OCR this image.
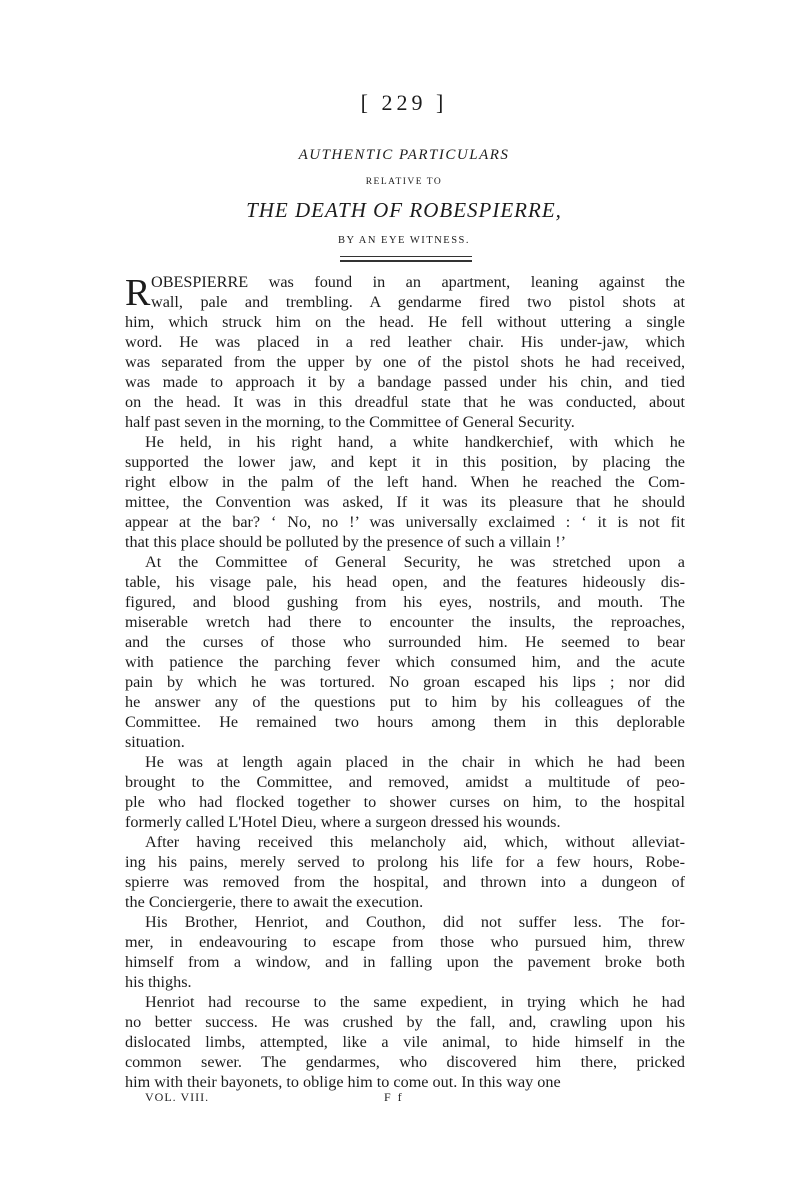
[ 229 ]
AUTHENTIC PARTICULARS
RELATIVE TO
THE DEATH OF ROBESPIERRE,
BY AN EYE WITNESS.
R OBESPIERRE was found in an apartment, leaning against the
wall, pale and trembling. A gendarme fired two pistol shots at
him, which struck him on the head. He fell without uttering a single
word. He was placed in a red leather chair. His under-jaw, which
was separated from the upper by one of the pistol shots he had received,
was made to approach it by a bandage passed under his chin, and tied
on the head. It was in this dreadful state that he was conducted, about
half past seven in the morning, to the Committee of General Security.
He held, in his right hand, a white handkerchief, with which he
supported the lower jaw, and kept it in this position, by placing the
right elbow in the palm of the left hand. When he reached the Com-
mittee, the Convention was asked, If it was its pleasure that he should
appear at the bar? ‘ No, no !’ was universally exclaimed : ‘ it is not fit
that this place should be polluted by the presence of such a villain !’
At the Committee of General Security, he was stretched upon a
table, his visage pale, his head open, and the features hideously dis-
figured, and blood gushing from his eyes, nostrils, and mouth. The
miserable wretch had there to encounter the insults, the reproaches,
and the curses of those who surrounded him. He seemed to bear
with patience the parching fever which consumed him, and the acute
pain by which he was tortured. No groan escaped his lips ; nor did
he answer any of the questions put to him by his colleagues of the
Committee. He remained two hours among them in this deplorable
situation.
He was at length again placed in the chair in which he had been
brought to the Committee, and removed, amidst a multitude of peo-
ple who had flocked together to shower curses on him, to the hospital
formerly called L'Hotel Dieu, where a surgeon dressed his wounds.
After having received this melancholy aid, which, without alleviat-
ing his pains, merely served to prolong his life for a few hours, Robe-
spierre was removed from the hospital, and thrown into a dungeon of
the Conciergerie, there to await the execution.
His Brother, Henriot, and Couthon, did not suffer less. The for-
mer, in endeavouring to escape from those who pursued him, threw
himself from a window, and in falling upon the pavement broke both
his thighs.
Henriot had recourse to the same expedient, in trying which he had
no better success. He was crushed by the fall, and, crawling upon his
dislocated limbs, attempted, like a vile animal, to hide himself in the
common sewer. The gendarmes, who discovered him there, pricked
him with their bayonets, to oblige him to come out. In this way one
VOL. VIII.	F f
